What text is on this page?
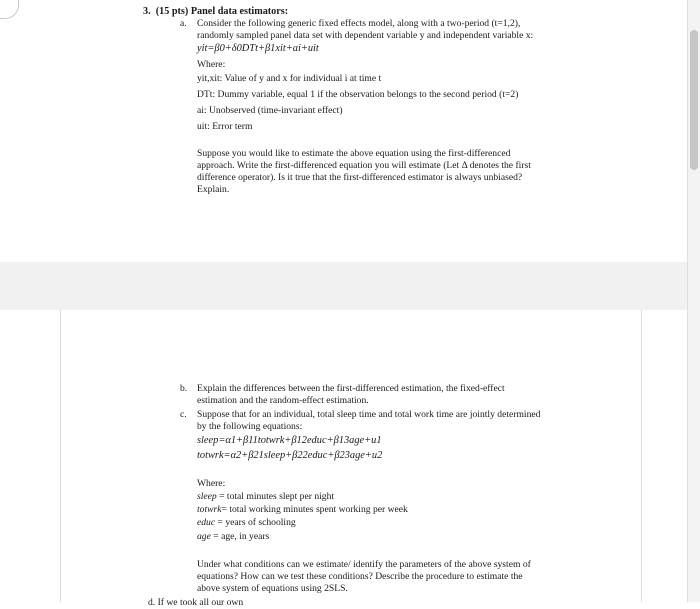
3. (15 pts) Panel data estimators:
a. Consider the following generic fixed effects model, along with a two-period (t=1,2),
randomly sampled panel data set with dependent variable y and independent variable x:
yit=β0+δ0DTt+β1xit+ai+uit
Where:
yit,xit: Value of y and x for individual i at time t
DTt: Dummy variable, equal 1 if the observation belongs to the second period (t=2)
ai: Unobserved (time-invariant effect)
uit: Error term
Suppose you would like to estimate the above equation using the first-differenced
approach. Write the first-differenced equation you will estimate (Let Δ denotes the first
difference operator). Is it true that the first-differenced estimator is always unbiased?
Explain.
b. Explain the differences between the first-differenced estimation, the fixed-effect
estimation and the random-effect estimation.
c. Suppose that for an individual, total sleep time and total work time are jointly determined
by the following equations:
sleep=α1+β11totwrk+β12educ+β13age+u1
totwrk=α2+β21sleep+β22educ+β23age+u2
Where:
sleep = total minutes slept per night
totwrk= total working minutes spent working per week
educ = years of schooling
age = age, in years
Under what conditions can we estimate/ identify the parameters of the above system of
equations? How can we test these conditions? Describe the procedure to estimate the
above system of equations using 2SLS.
d. If we took all our own
